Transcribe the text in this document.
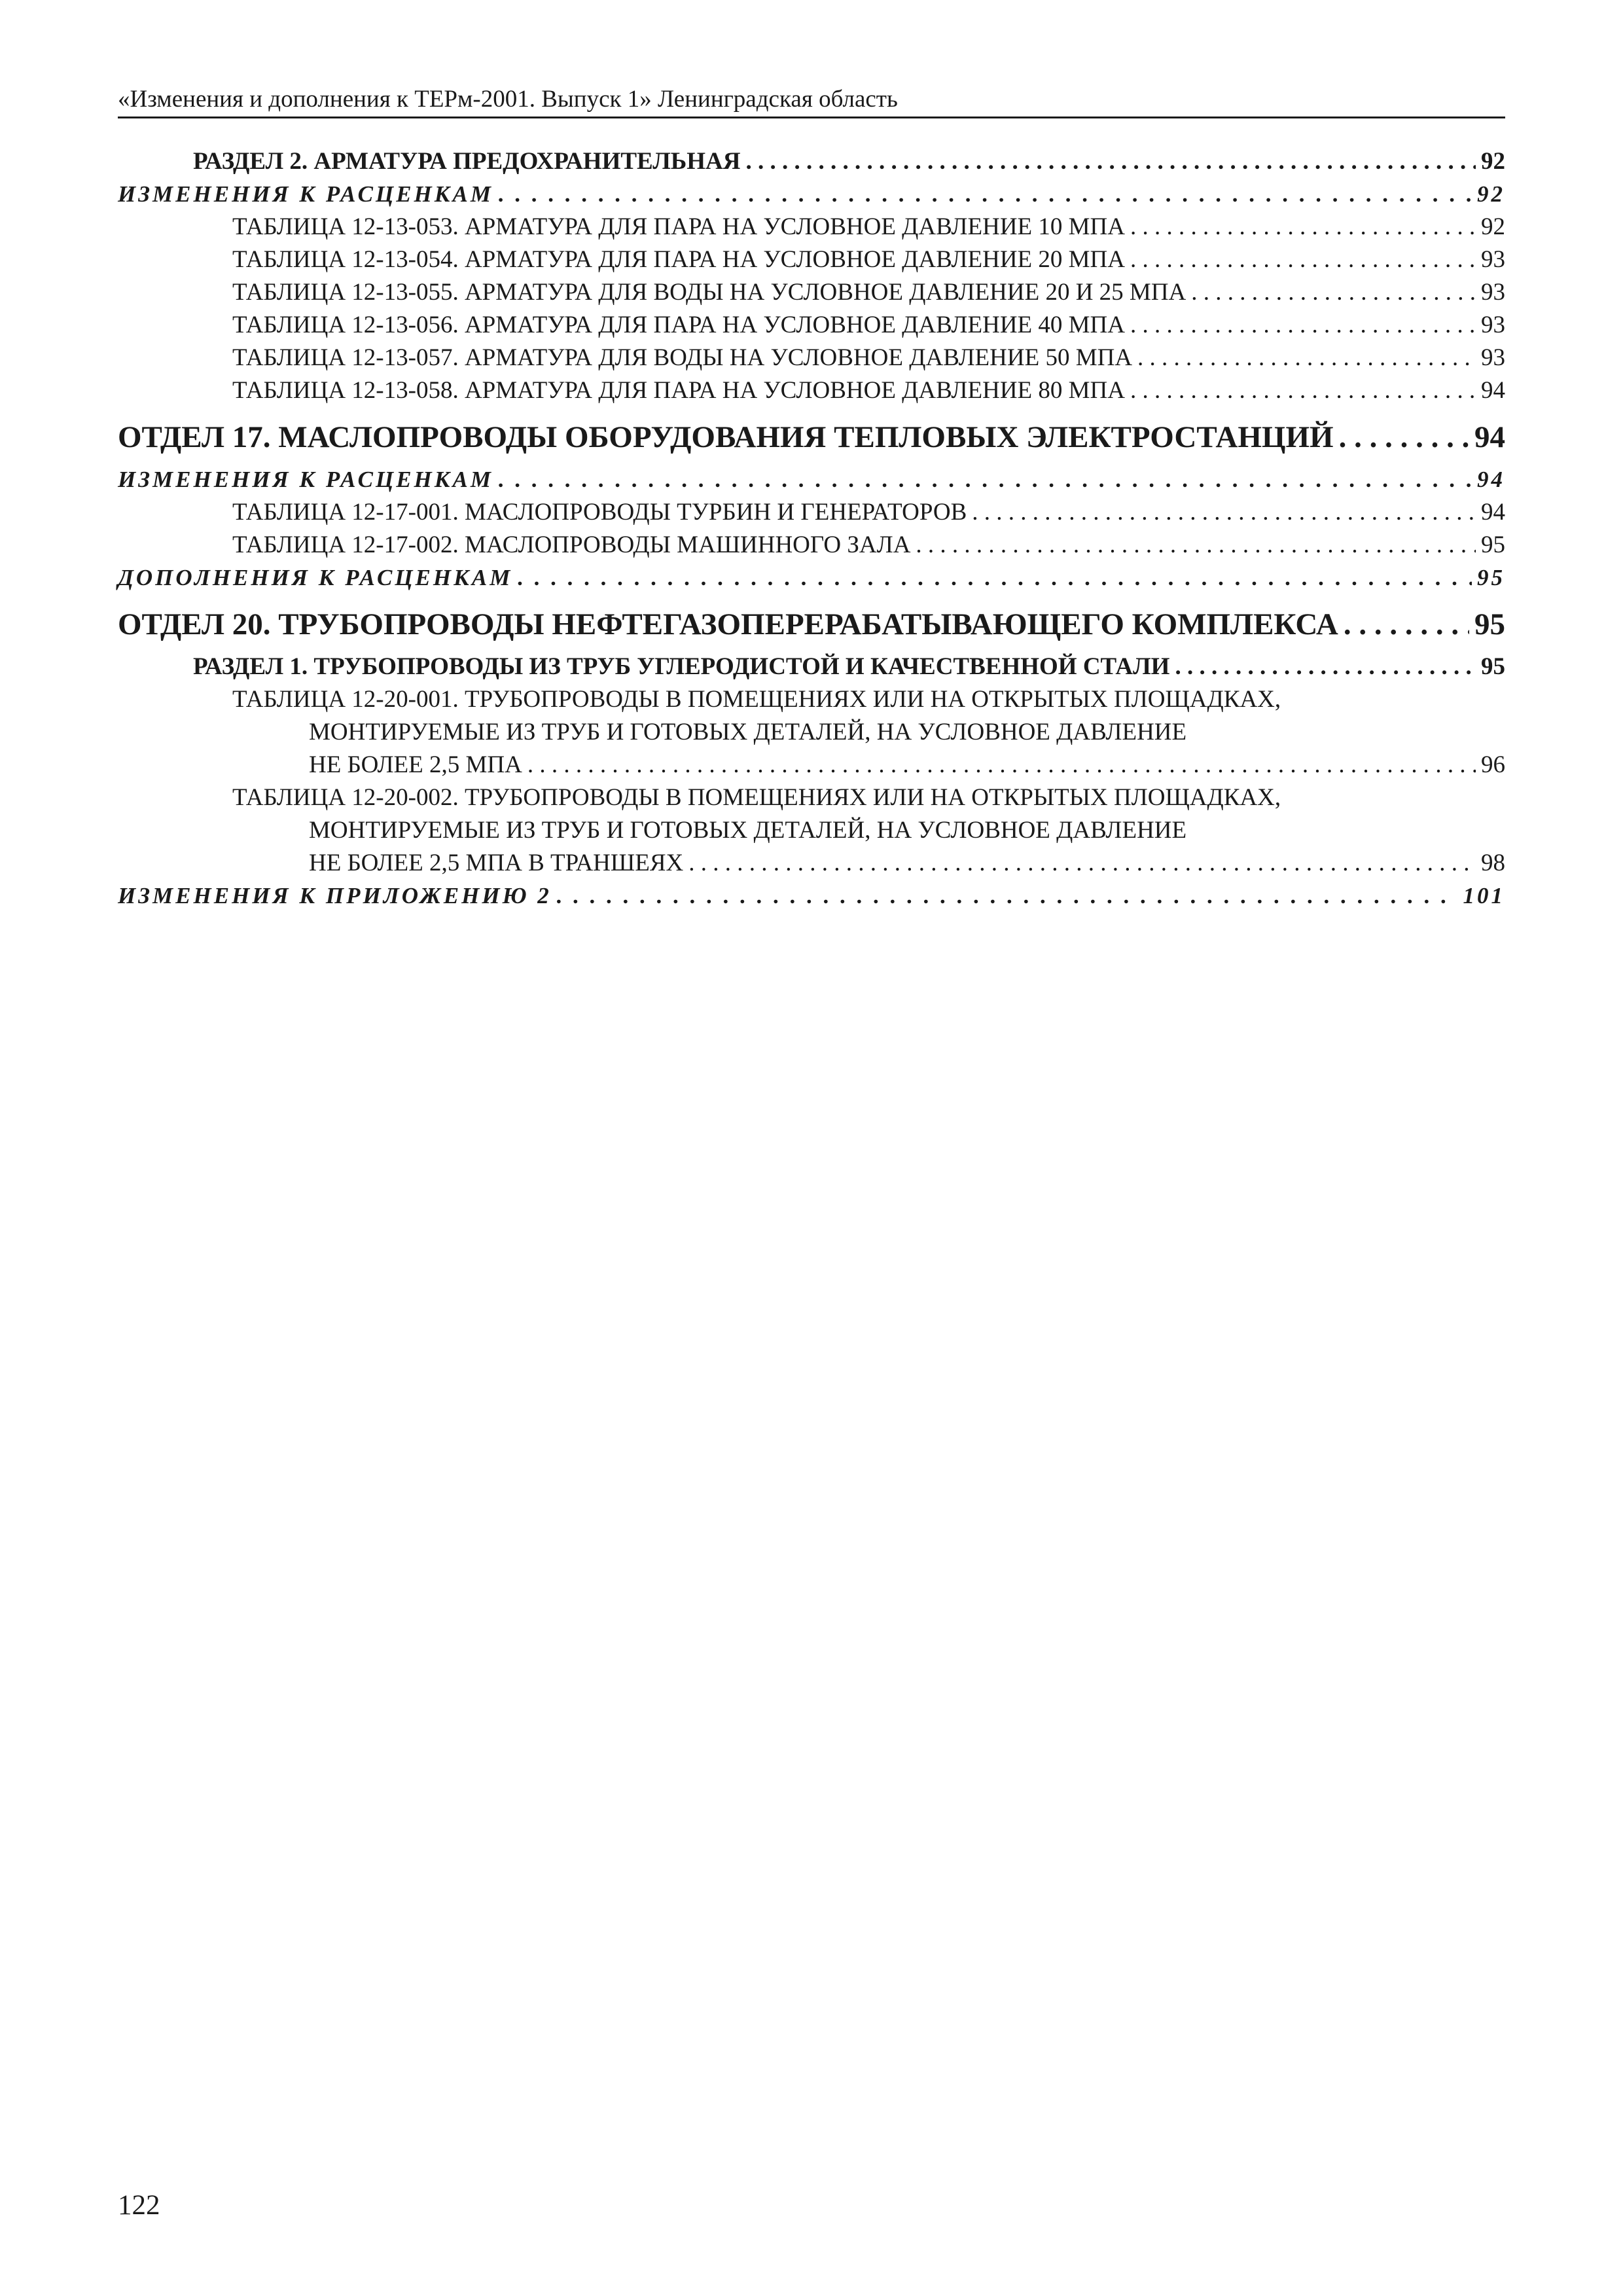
«Изменения и дополнения к ТЕРм-2001. Выпуск 1» Ленинградская область
РАЗДЕЛ 2. АРМАТУРА ПРЕДОХРАНИТЕЛЬНАЯ . . .	92
ИЗМЕНЕНИЯ К РАСЦЕНКАМ . . .	92
ТАБЛИЦА 12-13-053. АРМАТУРА ДЛЯ ПАРА НА УСЛОВНОЕ ДАВЛЕНИЕ 10 МПА . . .	92
ТАБЛИЦА 12-13-054. АРМАТУРА ДЛЯ ПАРА НА УСЛОВНОЕ ДАВЛЕНИЕ 20 МПА . . .	93
ТАБЛИЦА 12-13-055. АРМАТУРА ДЛЯ ВОДЫ НА УСЛОВНОЕ ДАВЛЕНИЕ 20 И 25 МПА . . .	93
ТАБЛИЦА 12-13-056. АРМАТУРА ДЛЯ ПАРА НА УСЛОВНОЕ ДАВЛЕНИЕ 40 МПА . . .	93
ТАБЛИЦА 12-13-057. АРМАТУРА ДЛЯ ВОДЫ НА УСЛОВНОЕ ДАВЛЕНИЕ 50 МПА . . .	93
ТАБЛИЦА 12-13-058. АРМАТУРА ДЛЯ ПАРА НА УСЛОВНОЕ ДАВЛЕНИЕ 80 МПА . . .	94
ОТДЕЛ 17. МАСЛОПРОВОДЫ ОБОРУДОВАНИЯ ТЕПЛОВЫХ ЭЛЕКТРОСТАНЦИЙ . . .	94
ИЗМЕНЕНИЯ К РАСЦЕНКАМ . . .	94
ТАБЛИЦА 12-17-001. МАСЛОПРОВОДЫ ТУРБИН И ГЕНЕРАТОРОВ . . .	94
ТАБЛИЦА 12-17-002. МАСЛОПРОВОДЫ МАШИННОГО ЗАЛА . . .	95
ДОПОЛНЕНИЯ К РАСЦЕНКАМ . . .	95
ОТДЕЛ 20. ТРУБОПРОВОДЫ НЕФТЕГАЗОПЕРЕРАБАТЫВАЮЩЕГО КОМПЛЕКСА . . .	95
РАЗДЕЛ 1. ТРУБОПРОВОДЫ ИЗ ТРУБ УГЛЕРОДИСТОЙ И КАЧЕСТВЕННОЙ СТАЛИ . . .	95
ТАБЛИЦА 12-20-001. ТРУБОПРОВОДЫ В ПОМЕЩЕНИЯХ ИЛИ НА ОТКРЫТЫХ ПЛОЩАДКАХ,
МОНТИРУЕМЫЕ ИЗ ТРУБ И ГОТОВЫХ ДЕТАЛЕЙ, НА УСЛОВНОЕ ДАВЛЕНИЕ
НЕ БОЛЕЕ 2,5 МПА . . .	96
ТАБЛИЦА 12-20-002. ТРУБОПРОВОДЫ В ПОМЕЩЕНИЯХ ИЛИ НА ОТКРЫТЫХ ПЛОЩАДКАХ,
МОНТИРУЕМЫЕ ИЗ ТРУБ И ГОТОВЫХ ДЕТАЛЕЙ, НА УСЛОВНОЕ ДАВЛЕНИЕ
НЕ БОЛЕЕ 2,5 МПА В ТРАНШЕЯХ . . .	98
ИЗМЕНЕНИЯ К ПРИЛОЖЕНИЮ 2 . . .	101
122
